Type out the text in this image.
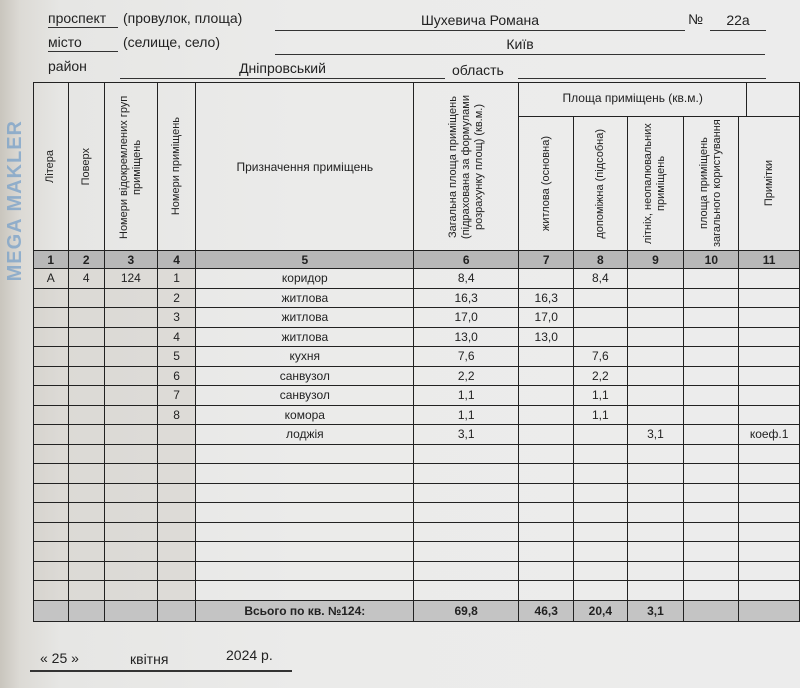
MEGA MAKLER
проспект (провулок, площа)	Шухевича Романа	№	22а
місто	(селище, село)	Київ
район	Дніпровський	область
Літера	Поверх	Номери відокремлених груп приміщень	Номери приміщень	Призначення приміщень	Загальна площа приміщень (підрахована за формулами розрахунку площ) (кв.м.)	Площа приміщень (кв.м.)				

						житлова (основна)	допоміжна (підсобна)	літніх, неопалювальних приміщень	площа приміщень загального користування	Примітки

1	2	3	4	5	6	7	8	9	10	11
А	4	124	1	коридор	8,4		8,4			
			2	житлова	16,3	16,3				
			3	житлова	17,0	17,0				
			4	житлова	13,0	13,0				
			5	кухня	7,6		7,6			
			6	санвузол	2,2		2,2			
			7	санвузол	1,1		1,1			
			8	комора	1,1		1,1			
				лоджія	3,1			3,1		коеф.1

				Всього по кв. №124:	69,8	46,3	20,4	3,1		
« 25 »	квітня	2024 р.
